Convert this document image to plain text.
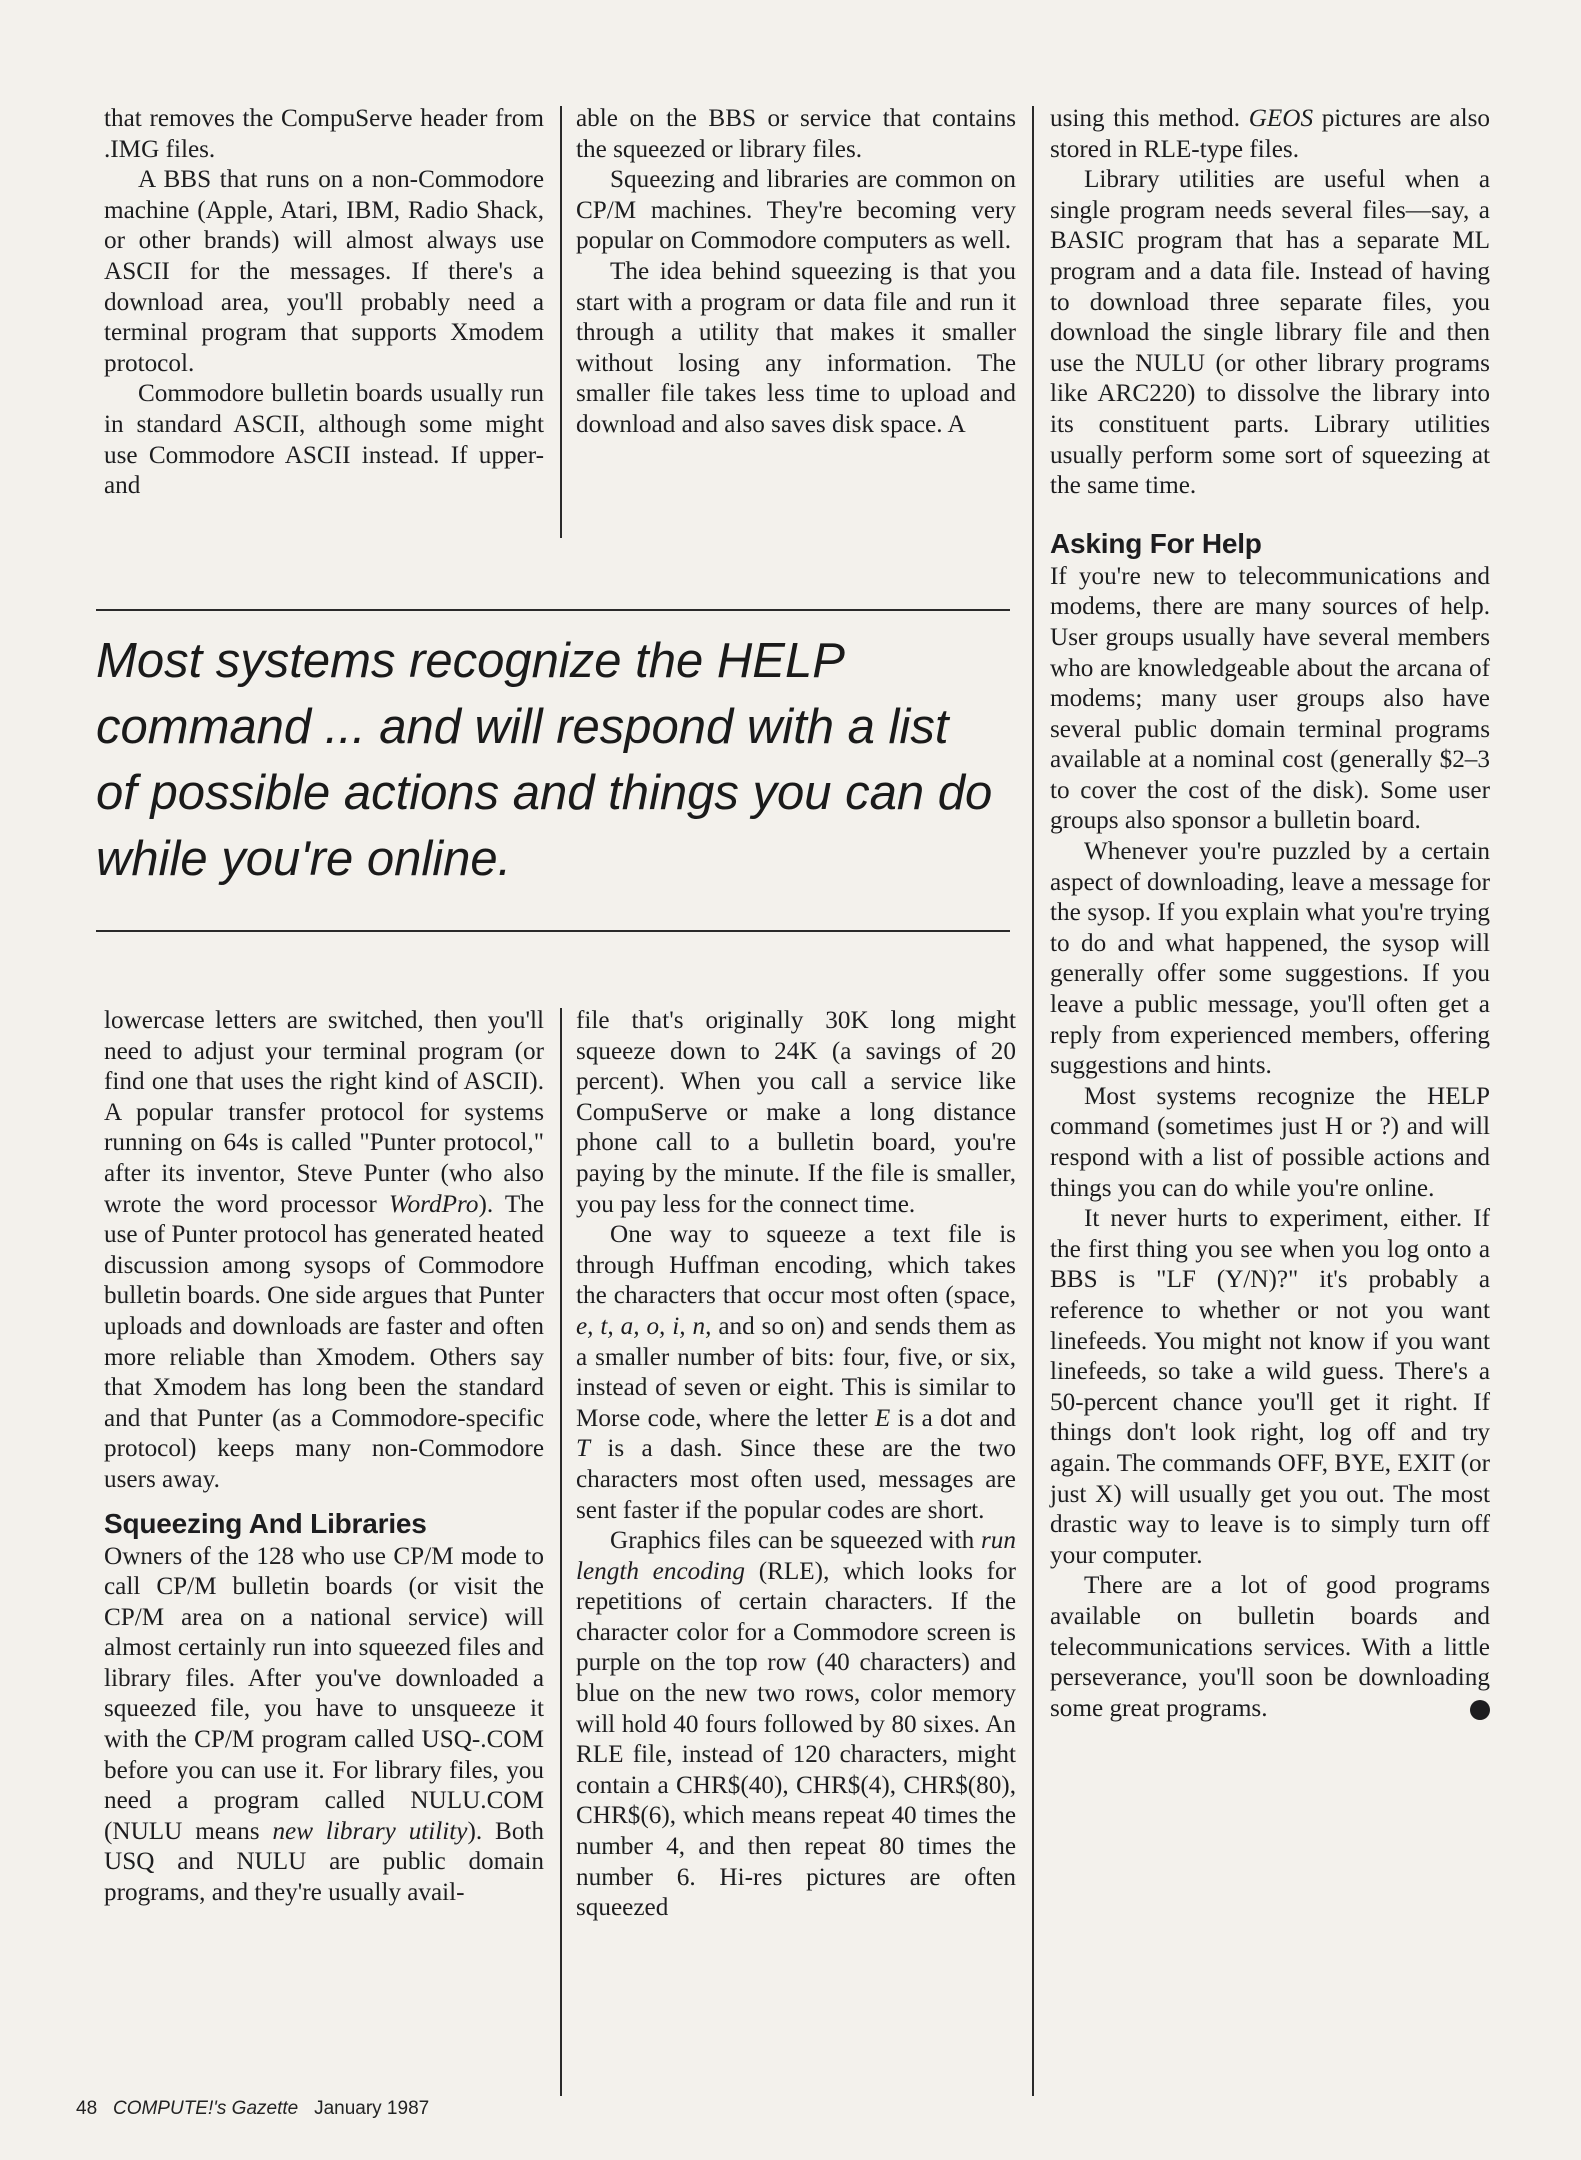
that removes the CompuServe header from .IMG files.

A BBS that runs on a non-Commodore machine (Apple, Atari, IBM, Radio Shack, or other brands) will almost always use ASCII for the messages. If there's a download area, you'll probably need a terminal program that supports Xmodem protocol.

Commodore bulletin boards usually run in standard ASCII, although some might use Commodore ASCII instead. If upper- and

able on the BBS or service that contains the squeezed or library files.

Squeezing and libraries are common on CP/M machines. They're becoming very popular on Commodore computers as well.

The idea behind squeezing is that you start with a program or data file and run it through a utility that makes it smaller without losing any information. The smaller file takes less time to upload and download and also saves disk space. A

Most systems recognize the HELP command ... and will respond with a list of possible actions and things you can do while you're online.

lowercase letters are switched, then you'll need to adjust your terminal program (or find one that uses the right kind of ASCII). A popular transfer protocol for systems running on 64s is called "Punter protocol," after its inventor, Steve Punter (who also wrote the word processor WordPro). The use of Punter protocol has generated heated discussion among sysops of Commodore bulletin boards. One side argues that Punter uploads and downloads are faster and often more reliable than Xmodem. Others say that Xmodem has long been the standard and that Punter (as a Commodore-specific protocol) keeps many non-Commodore users away.

Squeezing And Libraries

Owners of the 128 who use CP/M mode to call CP/M bulletin boards (or visit the CP/M area on a national service) will almost certainly run into squeezed files and library files. After you've downloaded a squeezed file, you have to unsqueeze it with the CP/M program called USQ-.COM before you can use it. For library files, you need a program called NULU.COM (NULU means new library utility). Both USQ and NULU are public domain programs, and they're usually avail-

file that's originally 30K long might squeeze down to 24K (a savings of 20 percent). When you call a service like CompuServe or make a long distance phone call to a bulletin board, you're paying by the minute. If the file is smaller, you pay less for the connect time.

One way to squeeze a text file is through Huffman encoding, which takes the characters that occur most often (space, e, t, a, o, i, n, and so on) and sends them as a smaller number of bits: four, five, or six, instead of seven or eight. This is similar to Morse code, where the letter E is a dot and T is a dash. Since these are the two characters most often used, messages are sent faster if the popular codes are short.

Graphics files can be squeezed with run length encoding (RLE), which looks for repetitions of certain characters. If the character color for a Commodore screen is purple on the top row (40 characters) and blue on the new two rows, color memory will hold 40 fours followed by 80 sixes. An RLE file, instead of 120 characters, might contain a CHR$(40), CHR$(4), CHR$(80), CHR$(6), which means repeat 40 times the number 4, and then repeat 80 times the number 6. Hi-res pictures are often squeezed

using this method. GEOS pictures are also stored in RLE-type files.

Library utilities are useful when a single program needs several files—say, a BASIC program that has a separate ML program and a data file. Instead of having to download three separate files, you download the single library file and then use the NULU (or other library programs like ARC220) to dissolve the library into its constituent parts. Library utilities usually perform some sort of squeezing at the same time.

Asking For Help

If you're new to telecommunications and modems, there are many sources of help. User groups usually have several members who are knowledgeable about the arcana of modems; many user groups also have several public domain terminal programs available at a nominal cost (generally $2–3 to cover the cost of the disk). Some user groups also sponsor a bulletin board.

Whenever you're puzzled by a certain aspect of downloading, leave a message for the sysop. If you explain what you're trying to do and what happened, the sysop will generally offer some suggestions. If you leave a public message, you'll often get a reply from experienced members, offering suggestions and hints.

Most systems recognize the HELP command (sometimes just H or ?) and will respond with a list of possible actions and things you can do while you're online.

It never hurts to experiment, either. If the first thing you see when you log onto a BBS is "LF (Y/N)?" it's probably a reference to whether or not you want linefeeds. You might not know if you want linefeeds, so take a wild guess. There's a 50-percent chance you'll get it right. If things don't look right, log off and try again. The commands OFF, BYE, EXIT (or just X) will usually get you out. The most drastic way to leave is to simply turn off your computer.

There are a lot of good programs available on bulletin boards and telecommunications services. With a little perseverance, you'll soon be downloading some great programs.	G

48 COMPUTE!'s Gazette January 1987
